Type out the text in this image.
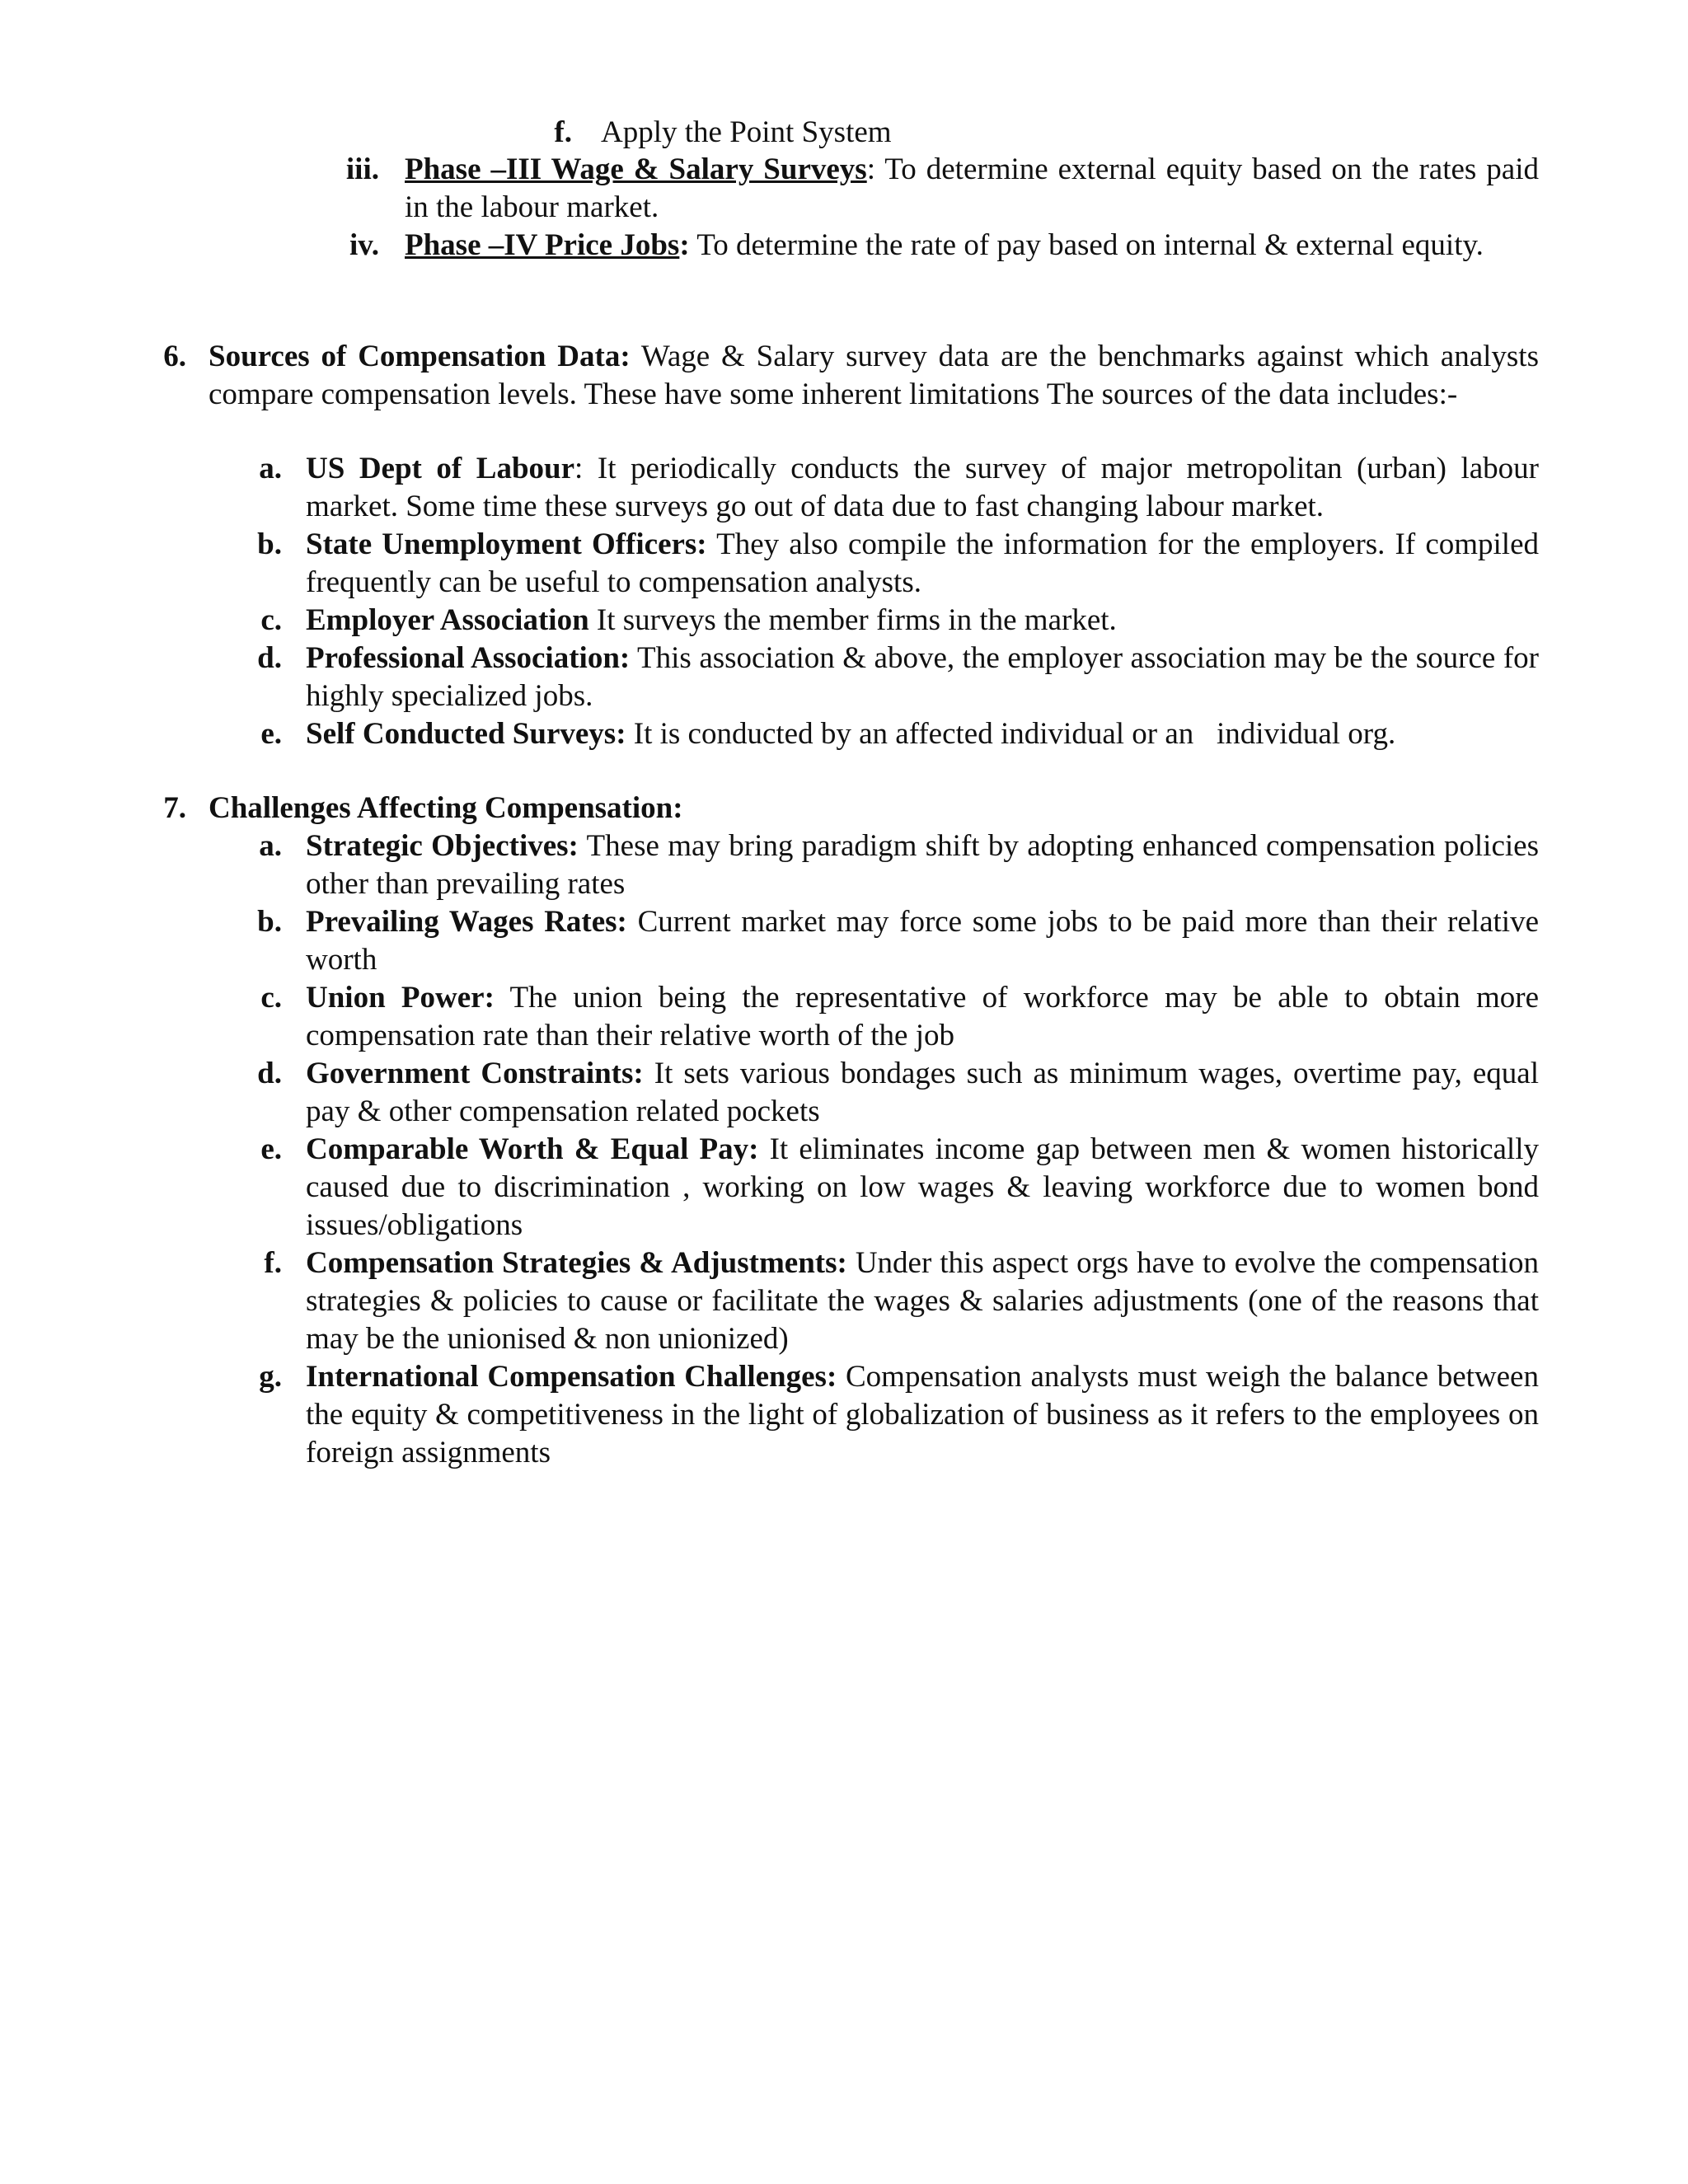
f. Apply the Point System
iii. Phase –III Wage & Salary Surveys: To determine external equity based on the rates paid in the labour market.
iv. Phase –IV Price Jobs: To determine the rate of pay based on internal & external equity.
6. Sources of Compensation Data: Wage & Salary survey data are the benchmarks against which analysts compare compensation levels. These have some inherent limitations The sources of the data includes:-
a. US Dept of Labour: It periodically conducts the survey of major metropolitan (urban) labour market. Some time these surveys go out of data due to fast changing labour market.
b. State Unemployment Officers: They also compile the information for the employers. If compiled frequently can be useful to compensation analysts.
c. Employer Association It surveys the member firms in the market.
d. Professional Association: This association & above, the employer association may be the source for highly specialized jobs.
e. Self Conducted Surveys: It is conducted by an affected individual or an   individual org.
7. Challenges Affecting Compensation:
a. Strategic Objectives: These may bring paradigm shift by adopting enhanced compensation policies other than prevailing rates
b. Prevailing Wages Rates: Current market may force some jobs to be paid more than their relative worth
c. Union Power: The union being the representative of workforce may be able to obtain more compensation rate than their relative worth of the job
d. Government Constraints: It sets various bondages such as minimum wages, overtime pay, equal pay & other compensation related pockets
e. Comparable Worth & Equal Pay: It eliminates income gap between men & women historically caused due to discrimination , working on low wages & leaving workforce due to women bond issues/obligations
f. Compensation Strategies & Adjustments: Under this aspect orgs have to evolve the compensation strategies & policies to cause or facilitate the wages & salaries adjustments (one of the reasons that may be the unionised & non unionized)
g. International Compensation Challenges: Compensation analysts must weigh the balance between the equity & competitiveness in the light of globalization of business as it refers to the employees on foreign assignments
